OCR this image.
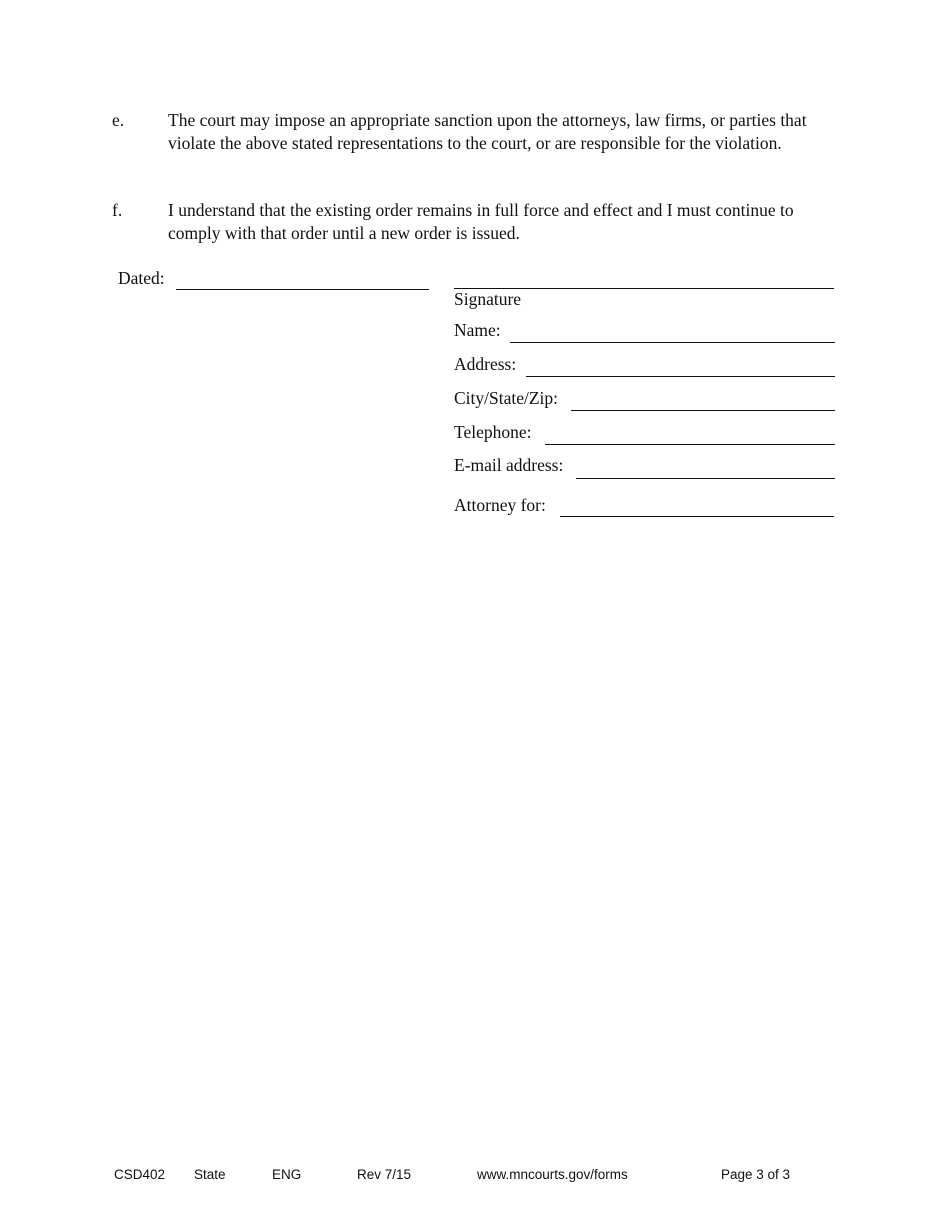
e.	The court may impose an appropriate sanction upon the attorneys, law firms, or parties that violate the above stated representations to the court, or are responsible for the violation.
f.	I understand that the existing order remains in full force and effect and I must continue to comply with that order until a new order is issued.
Dated:
Signature
Name:
Address:
City/State/Zip:
Telephone:
E-mail address:
Attorney for:
CSD402 State	ENG	Rev 7/15	www.mncourts.gov/forms	Page 3 of 3
